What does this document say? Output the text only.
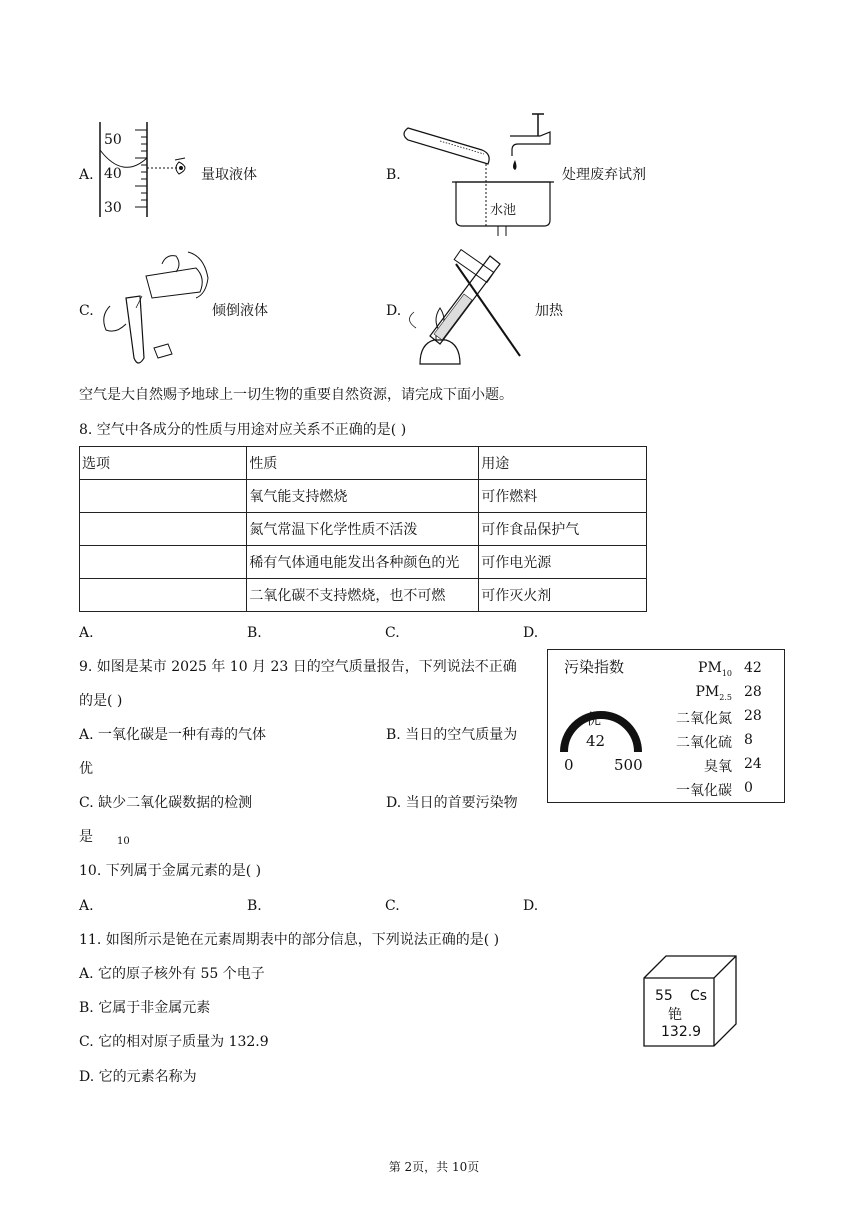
A.
50
40
30
量取液体	B.
水池
处理废弃试剂
C.	倾倒液体	D.	加热
空气是大自然赐予地球上一切生物的重要自然资源，请完成下面小题。
8. 空气中各成分的性质与用途对应关系不正确的是( )
选项	性质	用途
	氧气能支持燃烧	可作燃料
	氮气常温下化学性质不活泼	可作食品保护气
	稀有气体通电能发出各种颜色的光	可作电光源
	二氧化碳不支持燃烧，也不可燃	可作灭火剂
A.	B.	C.	D.
9. 如图是某市 2025 年 10 月 23 日的空气质量报告，下列说法不正确
的是( )
A. 一氧化碳是一种有毒的气体	B. 当日的空气质量为
优
C. 缺少二氧化碳数据的检测	D. 当日的首要污染物
是 10
污染指数
优
42
0	500
$PM_{10}$ 42
$PM_{2.5}$ 28
二氧化氮 28
二氧化硫 8
臭氧 24
一氧化碳 0
10. 下列属于金属元素的是( )
A.	B.	C.	D.
11. 如图所示是铯在元素周期表中的部分信息，下列说法正确的是( )
A. 它的原子核外有 55 个电子
B. 它属于非金属元素
C. 它的相对原子质量为 132.9
D. 它的元素名称为
55 Cs
铯
132.9
第 2页，共 10页
